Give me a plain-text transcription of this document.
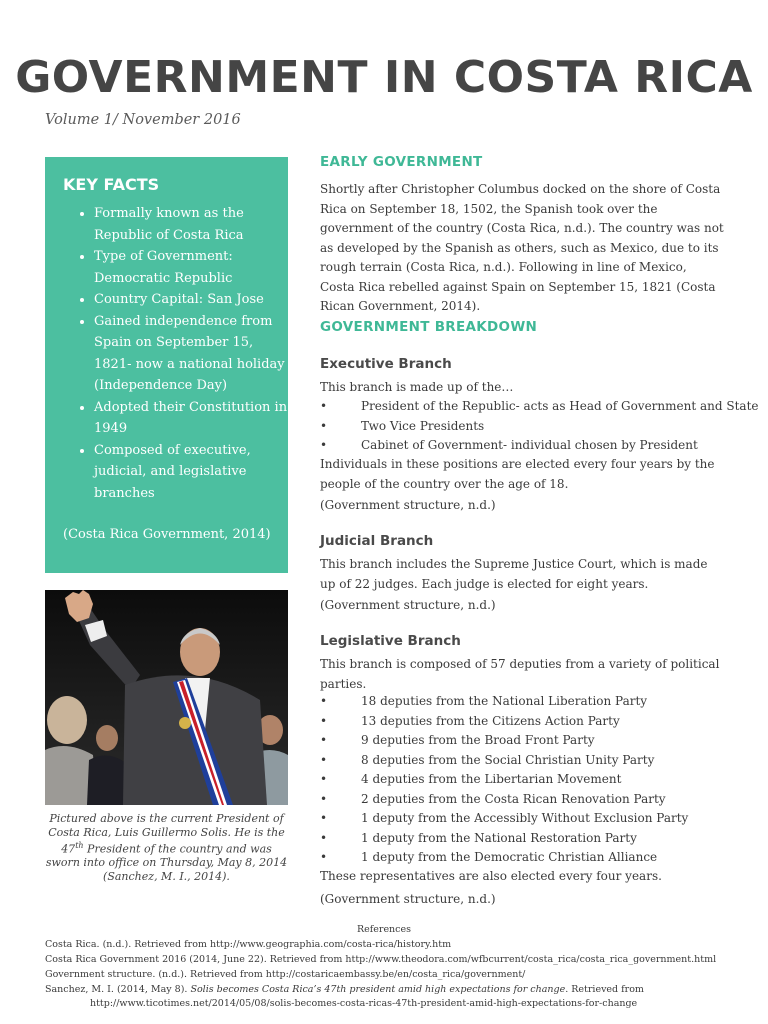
GOVERNMENT IN COSTA RICA
Volume 1/ November 2016
KEY FACTS
• Formally known as the Republic of Costa Rica
• Type of Government: Democratic Republic
• Country Capital: San Jose
• Gained independence from Spain on September 15, 1821- now a national holiday (Independence Day)
• Adopted their Constitution in 1949
• Composed of executive, judicial, and legislative branches
(Costa Rica Government, 2014)
Pictured above is the current President of Costa Rica, Luis Guillermo Solis. He is the 47th President of the country and was sworn into office on Thursday, May 8, 2014 (Sanchez, M. I., 2014).
EARLY GOVERNMENT
Shortly after Christopher Columbus docked on the shore of Costa Rica on September 18, 1502, the Spanish took over the government of the country (Costa Rica, n.d.). The country was not as developed by the Spanish as others, such as Mexico, due to its rough terrain (Costa Rica, n.d.). Following in line of Mexico, Costa Rica rebelled against Spain on September 15, 1821 (Costa Rican Government, 2014).
GOVERNMENT BREAKDOWN
Executive Branch
This branch is made up of the…
• President of the Republic- acts as Head of Government and State
• Two Vice Presidents
• Cabinet of Government- individual chosen by President
Individuals in these positions are elected every four years by the people of the country over the age of 18.
(Government structure, n.d.)
Judicial Branch
This branch includes the Supreme Justice Court, which is made up of 22 judges. Each judge is elected for eight years.
(Government structure, n.d.)
Legislative Branch
This branch is composed of 57 deputies from a variety of political parties.
• 18 deputies from the National Liberation Party
• 13 deputies from the Citizens Action Party
• 9 deputies from the Broad Front Party
• 8 deputies from the Social Christian Unity Party
• 4 deputies from the Libertarian Movement
• 2 deputies from the Costa Rican Renovation Party
• 1 deputy from the Accessibly Without Exclusion Party
• 1 deputy from the National Restoration Party
• 1 deputy from the Democratic Christian Alliance
These representatives are also elected every four years.
(Government structure, n.d.)
References
Costa Rica. (n.d.). Retrieved from http://www.geographia.com/costa-rica/history.htm
Costa Rica Government 2016 (2014, June 22). Retrieved from http://www.theodora.com/wfbcurrent/costa_rica/costa_rica_government.html
Government structure. (n.d.). Retrieved from http://costaricaembassy.be/en/costa_rica/government/
Sanchez, M. I. (2014, May 8). Solis becomes Costa Rica’s 47th president amid high expectations for change. Retrieved from
http://www.ticotimes.net/2014/05/08/solis-becomes-costa-ricas-47th-president-amid-high-expectations-for-change
